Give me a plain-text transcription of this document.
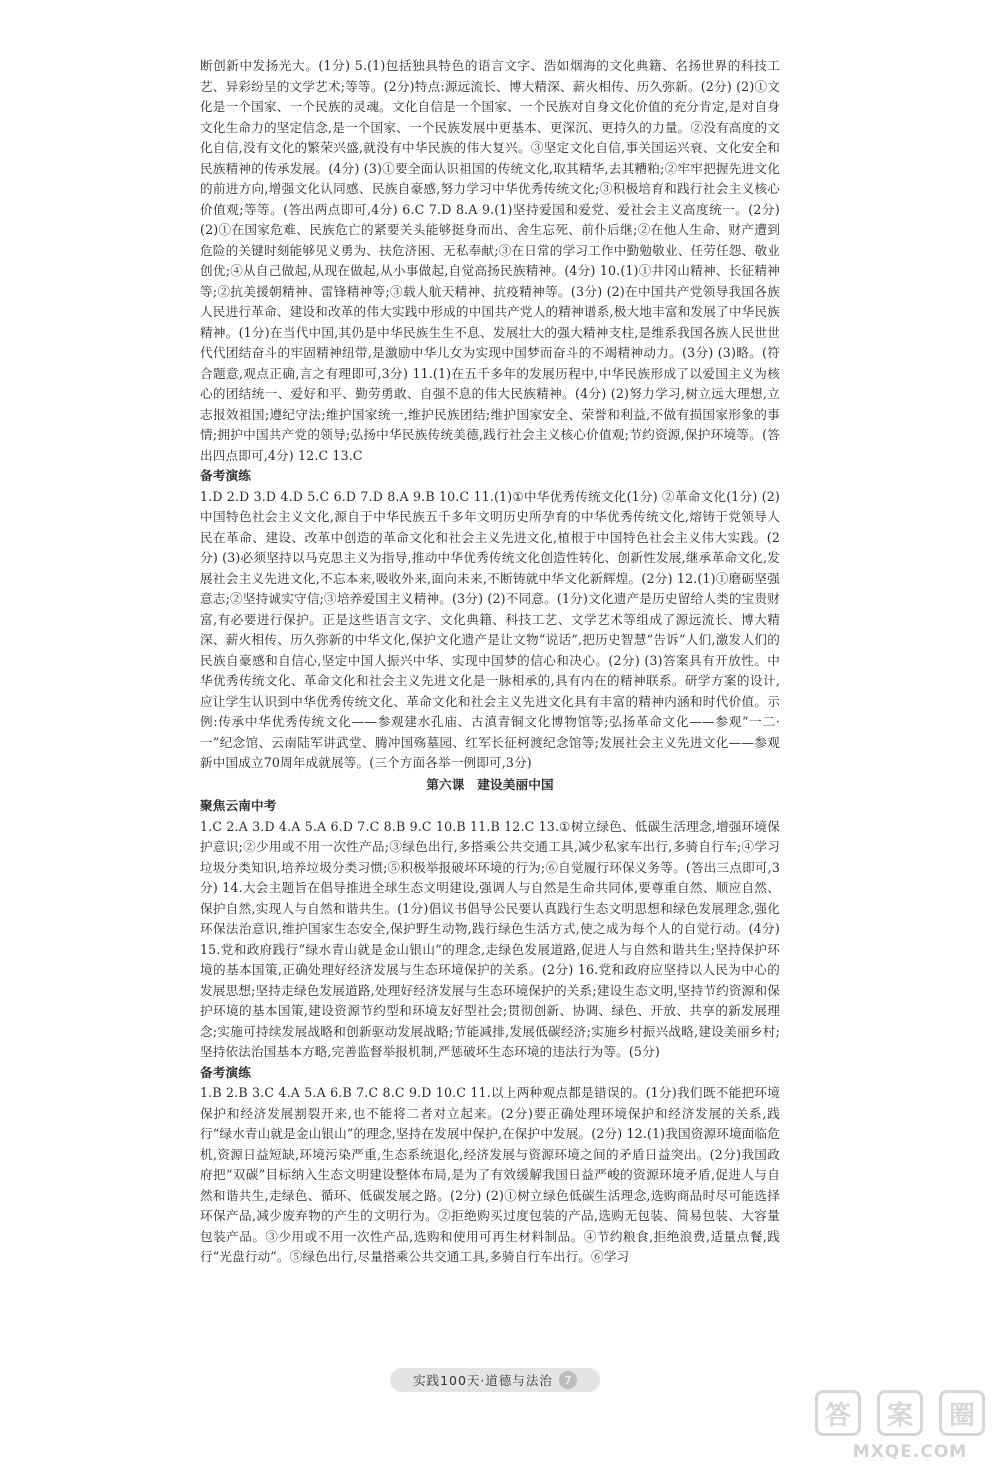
断创新中发扬光大。(1分) 5.(1)包括独具特色的语言文字、浩如烟海的文化典籍、名扬世界的科技工艺、异彩纷呈的文学艺术;等等。(2分)特点:源远流长、博大精深、薪火相传、历久弥新。(2分) (2)①文化是一个国家、一个民族的灵魂。文化自信是一个国家、一个民族对自身文化价值的充分肯定,是对自身文化生命力的坚定信念,是一个国家、一个民族发展中更基本、更深沉、更持久的力量。②没有高度的文化自信,没有文化的繁荣兴盛,就没有中华民族的伟大复兴。③坚定文化自信,事关国运兴衰、文化安全和民族精神的传承发展。(4分) (3)①要全面认识祖国的传统文化,取其精华,去其糟粕;②牢牢把握先进文化的前进方向,增强文化认同感、民族自豪感,努力学习中华优秀传统文化;③积极培育和践行社会主义核心价值观;等等。(答出两点即可,4分) 6.C 7.D 8.A 9.(1)坚持爱国和爱党、爱社会主义高度统一。(2分) (2)①在国家危难、民族危亡的紧要关头能够挺身而出、舍生忘死、前仆后继;②在他人生命、财产遭到危险的关键时刻能够见义勇为、扶危济困、无私奉献;③在日常的学习工作中勤勉敬业、任劳任怨、敬业创优;④从自己做起,从现在做起,从小事做起,自觉高扬民族精神。(4分) 10.(1)①井冈山精神、长征精神等;②抗美援朝精神、雷锋精神等;③载人航天精神、抗疫精神等。(3分) (2)在中国共产党领导我国各族人民进行革命、建设和改革的伟大实践中形成的中国共产党人的精神谱系,极大地丰富和发展了中华民族精神。(1分)在当代中国,其仍是中华民族生生不息、发展壮大的强大精神支柱,是维系我国各族人民世世代代团结奋斗的牢固精神纽带,是激励中华儿女为实现中国梦而奋斗的不竭精神动力。(3分) (3)略。(符合题意,观点正确,言之有理即可,3分) 11.(1)在五千多年的发展历程中,中华民族形成了以爱国主义为核心的团结统一、爱好和平、勤劳勇敢、自强不息的伟大民族精神。(4分) (2)努力学习,树立远大理想,立志报效祖国;遵纪守法;维护国家统一,维护民族团结;维护国家安全、荣誉和利益,不做有损国家形象的事情;拥护中国共产党的领导;弘扬中华民族传统美德,践行社会主义核心价值观;节约资源,保护环境等。(答出四点即可,4分) 12.C 13.C

备考演练

1.D 2.D 3.D 4.D 5.C 6.D 7.D 8.A 9.B 10.C 11.(1)①中华优秀传统文化(1分) ②革命文化(1分) (2)中国特色社会主义文化,源自于中华民族五千多年文明历史所孕育的中华优秀传统文化,熔铸于党领导人民在革命、建设、改革中创造的革命文化和社会主义先进文化,植根于中国特色社会主义伟大实践。(2分) (3)必须坚持以马克思主义为指导,推动中华优秀传统文化创造性转化、创新性发展,继承革命文化,发展社会主义先进文化,不忘本来,吸收外来,面向未来,不断铸就中华文化新辉煌。(2分) 12.(1)①磨砺坚强意志;②坚持诚实守信;③培养爱国主义精神。(3分) (2)不同意。(1分)文化遗产是历史留给人类的宝贵财富,有必要进行保护。正是这些语言文字、文化典籍、科技工艺、文学艺术等组成了源远流长、博大精深、薪火相传、历久弥新的中华文化,保护文化遗产是让文物“说话”,把历史智慧“告诉”人们,激发人们的民族自豪感和自信心,坚定中国人振兴中华、实现中国梦的信心和决心。(2分) (3)答案具有开放性。中华优秀传统文化、革命文化和社会主义先进文化是一脉相承的,具有内在的精神联系。研学方案的设计,应让学生认识到中华优秀传统文化、革命文化和社会主义先进文化具有丰富的精神内涵和时代价值。示例:传承中华优秀传统文化——参观建水孔庙、古滇青铜文化博物馆等;弘扬革命文化——参观“一二·一”纪念馆、云南陆军讲武堂、腾冲国殇墓园、红军长征柯渡纪念馆等;发展社会主义先进文化——参观新中国成立70周年成就展等。(三个方面各举一例即可,3分)

第六课　建设美丽中国

聚焦云南中考

1.C 2.A 3.D 4.A 5.A 6.D 7.C 8.B 9.C 10.B 11.B 12.C 13.①树立绿色、低碳生活理念,增强环境保护意识;②少用或不用一次性产品;③绿色出行,多搭乘公共交通工具,减少私家车出行,多骑自行车;④学习垃圾分类知识,培养垃圾分类习惯;⑤积极举报破坏环境的行为;⑥自觉履行环保义务等。(答出三点即可,3分) 14.大会主题旨在倡导推进全球生态文明建设,强调人与自然是生命共同体,要尊重自然、顺应自然、保护自然,实现人与自然和谐共生。(1分)倡议书倡导公民要认真践行生态文明思想和绿色发展理念,强化环保法治意识,维护国家生态安全,保护野生动物,践行绿色生活方式,使之成为每个人的自觉行动。(4分) 15.党和政府践行“绿水青山就是金山银山”的理念,走绿色发展道路,促进人与自然和谐共生;坚持保护环境的基本国策,正确处理好经济发展与生态环境保护的关系。(2分) 16.党和政府应坚持以人民为中心的发展思想;坚持走绿色发展道路,处理好经济发展与生态环境保护的关系;建设生态文明,坚持节约资源和保护环境的基本国策,建设资源节约型和环境友好型社会;贯彻创新、协调、绿色、开放、共享的新发展理念;实施可持续发展战略和创新驱动发展战略;节能减排,发展低碳经济;实施乡村振兴战略,建设美丽乡村;坚持依法治国基本方略,完善监督举报机制,严惩破坏生态环境的违法行为等。(5分)

备考演练

1.B 2.B 3.C 4.A 5.A 6.B 7.C 8.C 9.D 10.C 11.以上两种观点都是错误的。(1分)我们既不能把环境保护和经济发展割裂开来,也不能将二者对立起来。(2分)要正确处理环境保护和经济发展的关系,践行“绿水青山就是金山银山”的理念,坚持在发展中保护,在保护中发展。(2分) 12.(1)我国资源环境面临危机,资源日益短缺,环境污染严重,生态系统退化,经济发展与资源环境之间的矛盾日益突出。(2分)我国政府把“双碳”目标纳入生态文明建设整体布局,是为了有效缓解我国日益严峻的资源环境矛盾,促进人与自然和谐共生,走绿色、循环、低碳发展之路。(2分) (2)①树立绿色低碳生活理念,选购商品时尽可能选择环保产品,减少废弃物的产生的文明行为。②拒绝购买过度包装的产品,选购无包装、简易包装、大容量包装产品。③少用或不用一次性产品,选购和使用可再生材料制品。④节约粮食,拒绝浪费,适量点餐,践行“光盘行动”。⑤绿色出行,尽量搭乘公共交通工具,多骑自行车出行。⑥学习

实践100天·道德与法治	7
答	案	圈
MXQE.COM
